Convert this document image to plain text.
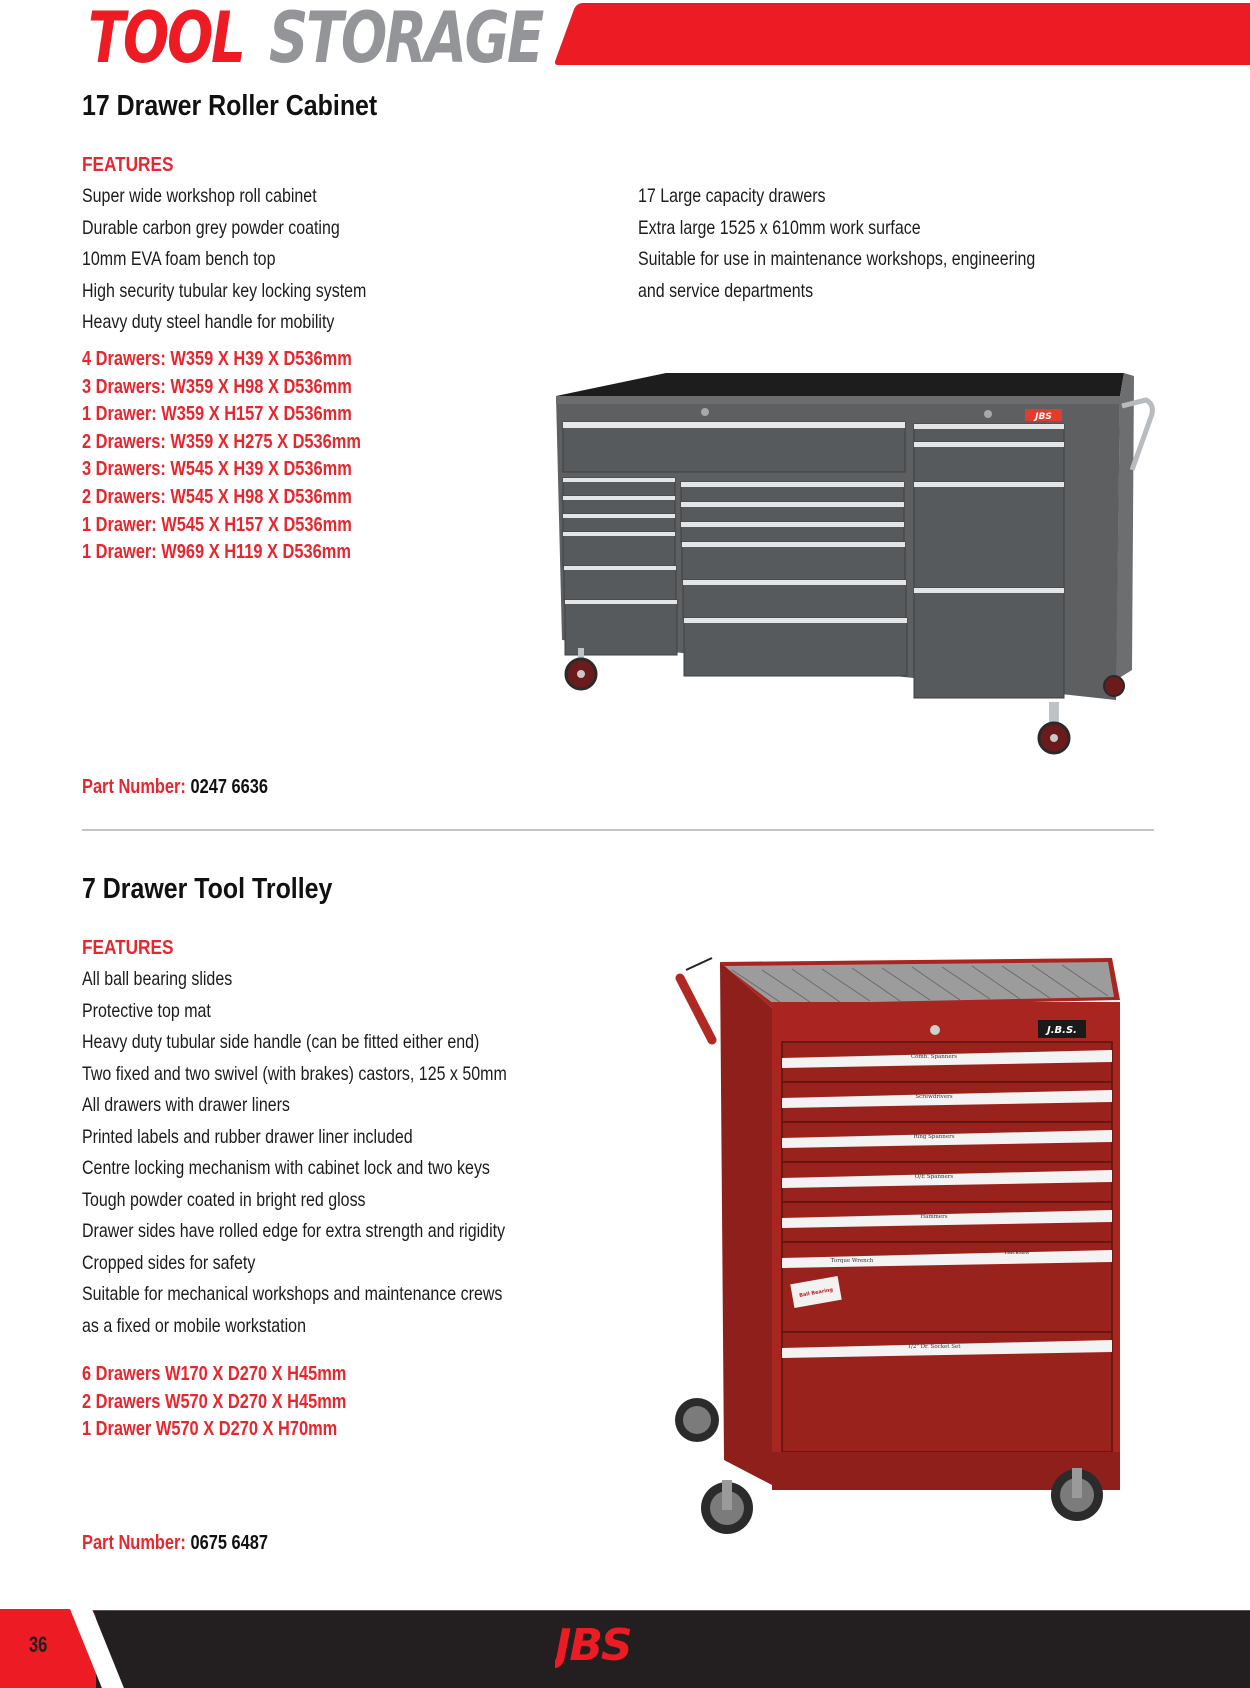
TOOL STORAGE
17 Drawer Roller Cabinet
FEATURES
Super wide workshop roll cabinet
Durable carbon grey powder coating
10mm EVA foam bench top
High security tubular key locking system
Heavy duty steel handle for mobility
17 Large capacity drawers
Extra large 1525 x 610mm work surface
Suitable for use in maintenance workshops, engineering
and service departments
4 Drawers: W359 X H39 X D536mm
3 Drawers: W359 X H98 X D536mm
1 Drawer: W359 X H157 X D536mm
2 Drawers: W359 X H275 X D536mm
3 Drawers: W545 X H39 X D536mm
2 Drawers: W545 X H98 X D536mm
1 Drawer: W545 X H157 X D536mm
1 Drawer: W969 X H119 X D536mm
Part Number: 0247 6636
JBS
7 Drawer Tool Trolley
FEATURES
All ball bearing slides
Protective top mat
Heavy duty tubular side handle (can be fitted either end)
Two fixed and two swivel (with brakes) castors, 125 x 50mm
All drawers with drawer liners
Printed labels and rubber drawer liner included
Centre locking mechanism with cabinet lock and two keys
Tough powder coated in bright red gloss
Drawer sides have rolled edge for extra strength and rigidity
Cropped sides for safety
Suitable for mechanical workshops and maintenance crews
as a fixed or mobile workstation
6 Drawers W170 X D270 X H45mm
2 Drawers W570 X D270 X H45mm
1 Drawer W570 X D270 X H70mm
Part Number: 0675 6487
J.B.S.
Comb. Spanners
Screwdrivers
Ring Spanners
O/E Spanners
Hammers
Torque Wrench
Hacksaw
1/2" Dr. Socket Set
Ball Bearing
36	JBS
